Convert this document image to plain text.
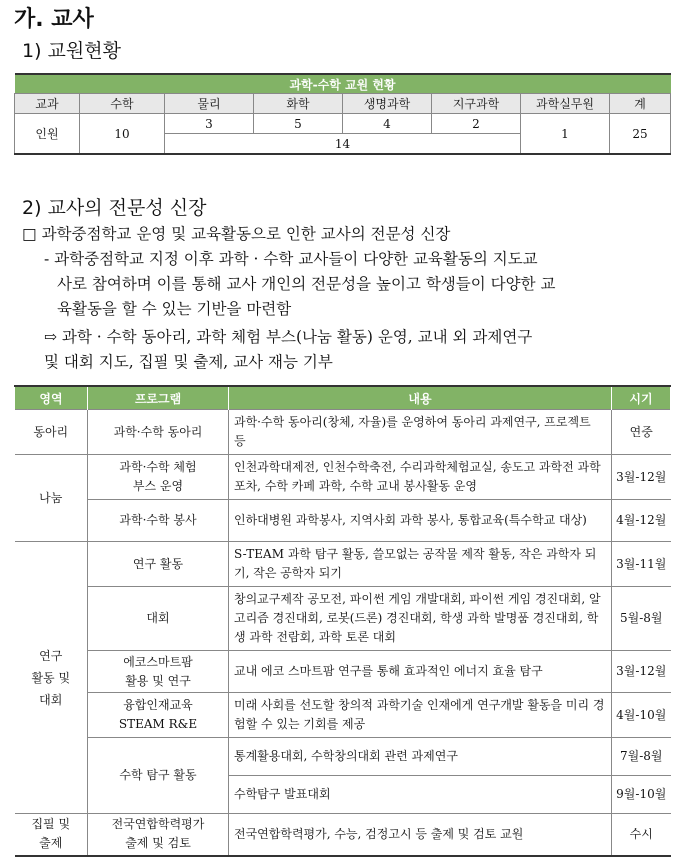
가. 교사
1) 교원현황
과학-수학 교원 현황							
교과	수학	물리	화학	생명과학	지구과학	과학실무원	계
인원	10	3	5	4	2	1	25
		14					
2) 교사의 전문성 신장
□ 과학중점학교 운영 및 교육활동으로 인한 교사의 전문성 신장
- 과학중점학교 지정 이후 과학 · 수학 교사들이 다양한 교육활동의 지도교
사로 참여하며 이를 통해 교사 개인의 전문성을 높이고 학생들이 다양한 교
육활동을 할 수 있는 기반을 마련함
⇨ 과학 · 수학 동아리, 과학 체험 부스(나눔 활동) 운영, 교내 외 과제연구
및 대회 지도, 집필 및 출제, 교사 재능 기부
영역	프로그램	내용	시기
동아리	과학·수학 동아리	과학·수학 동아리(창체, 자율)를 운영하여 동아리 과제연구, 프로젝트 등	연중
나눔	과학·수학 체험
부스 운영	인천과학대제전, 인천수학축전, 수리과학체험교실, 송도고 과학전 과학 포차, 수학 카페 과학, 수학 교내 봉사활동 운영	3월-12월
	과학·수학 봉사	인하대병원 과학봉사, 지역사회 과학 봉사, 통합교육(특수학교 대상)	4월-12월
연구
활동 및
대회	연구 활동	S-TEAM 과학 탐구 활동, 쓸모없는 공작물 제작 활동, 작은 과학자 되기, 작은 공학자 되기	3월-11월
	대회	창의교구제작 공모전, 파이썬 게임 개발대회, 파이썬 게임 경진대회, 알고리즘 경진대회, 로봇(드론) 경진대회, 학생 과학 발명품 경진대회, 학생 과학 전람회, 과학 토론 대회	5월-8월
	에코스마트팜
활용 및 연구	교내 에코 스마트팜 연구를 통해 효과적인 에너지 효율 탐구	3월-12월
	융합인재교육
STEAM R&E	미래 사회를 선도할 창의적 과학기술 인재에게 연구개발 활동을 미리 경험할 수 있는 기회를 제공	4월-10월
	수학 탐구 활동	통계활용대회, 수학창의대회 관련 과제연구	7월-8월
		수학탐구 발표대회	9월-10월
집필 및
출제	전국연합학력평가
출제 및 검토	전국연합학력평가, 수능, 검정고시 등 출제 및 검토 교원	수시
